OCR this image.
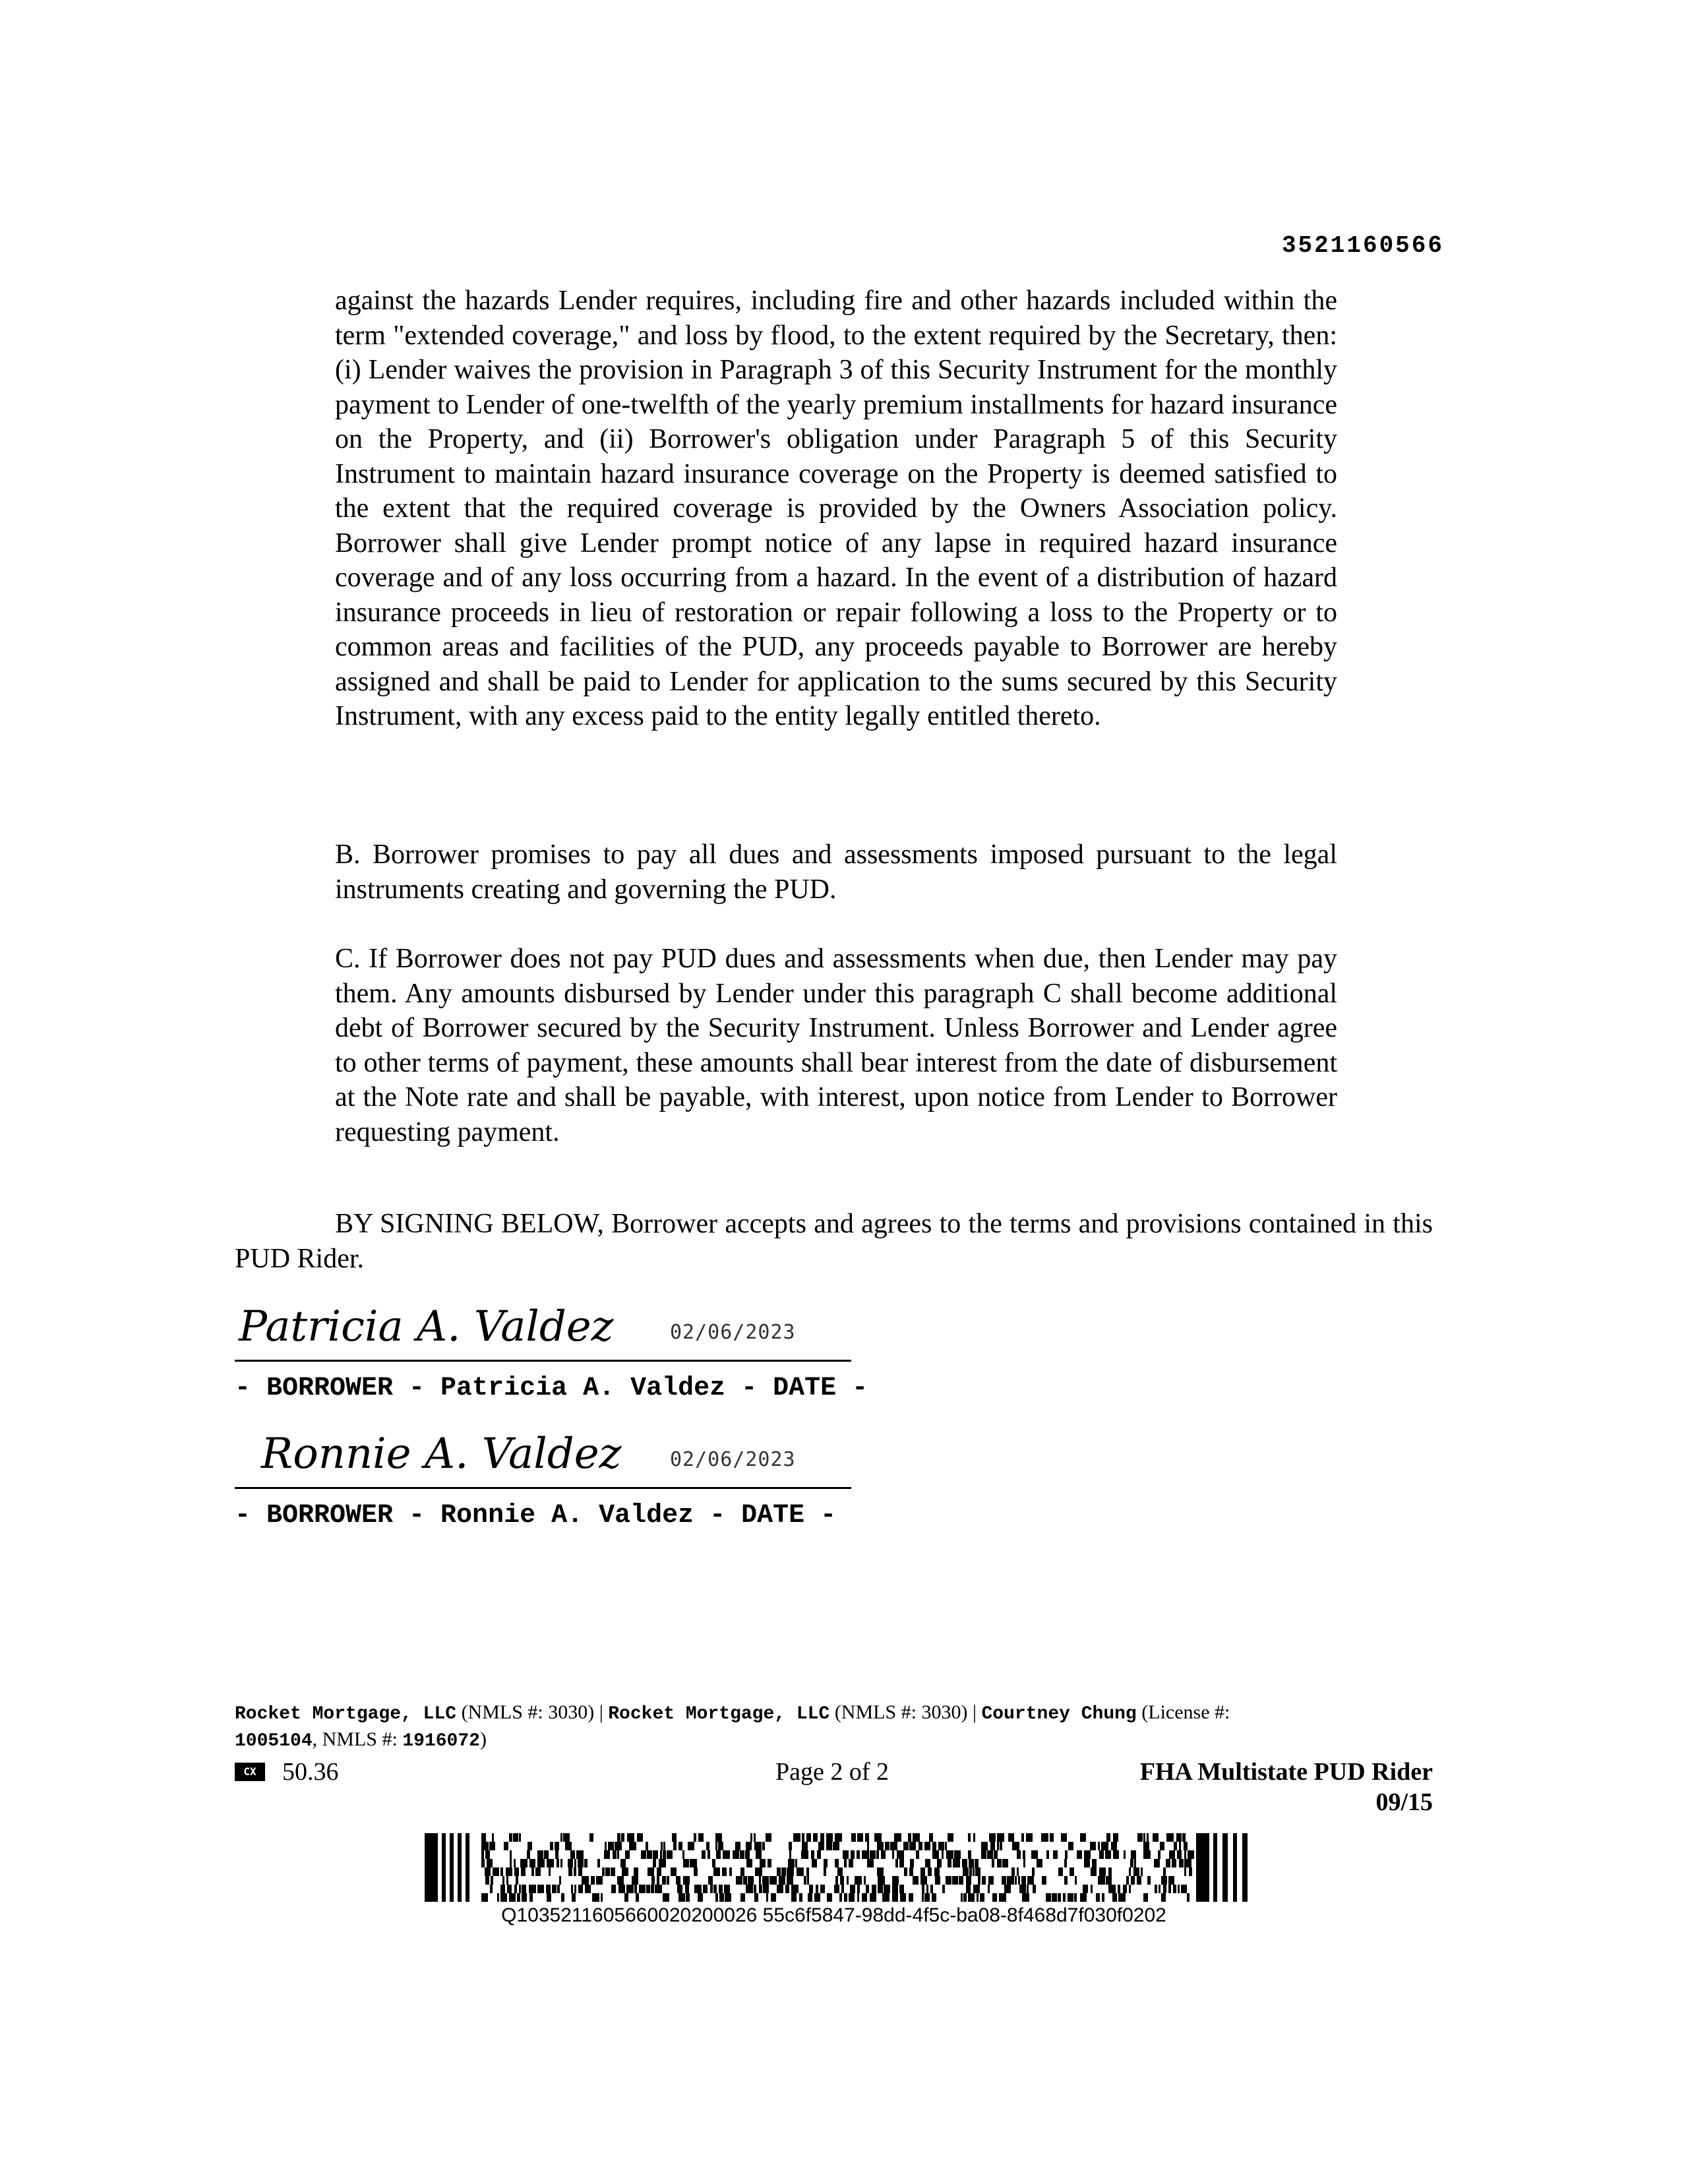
3521160566

against the hazards Lender requires, including fire and other hazards included within the term "extended coverage," and loss by flood, to the extent required by the Secretary, then: (i) Lender waives the provision in Paragraph 3 of this Security Instrument for the monthly payment to Lender of one-twelfth of the yearly premium installments for hazard insurance on the Property, and (ii) Borrower's obligation under Paragraph 5 of this Security Instrument to maintain hazard insurance coverage on the Property is deemed satisfied to the extent that the required coverage is provided by the Owners Association policy. Borrower shall give Lender prompt notice of any lapse in required hazard insurance coverage and of any loss occurring from a hazard. In the event of a distribution of hazard insurance proceeds in lieu of restoration or repair following a loss to the Property or to common areas and facilities of the PUD, any proceeds payable to Borrower are hereby assigned and shall be paid to Lender for application to the sums secured by this Security Instrument, with any excess paid to the entity legally entitled thereto.

B. Borrower promises to pay all dues and assessments imposed pursuant to the legal instruments creating and governing the PUD.

C. If Borrower does not pay PUD dues and assessments when due, then Lender may pay them. Any amounts disbursed by Lender under this paragraph C shall become additional debt of Borrower secured by the Security Instrument. Unless Borrower and Lender agree to other terms of payment, these amounts shall bear interest from the date of disbursement at the Note rate and shall be payable, with interest, upon notice from Lender to Borrower requesting payment.

BY SIGNING BELOW, Borrower accepts and agrees to the terms and provisions contained in this PUD Rider.

Patricia A. Valdez	02/06/2023
- BORROWER - Patricia A. Valdez - DATE -
Ronnie A. Valdez 02/06/2023
- BORROWER - Ronnie A. Valdez - DATE -
Rocket Mortgage, LLC (NMLS #: 3030) | Rocket Mortgage, LLC (NMLS #: 3030) | Courtney Chung (License #:
1005104, NMLS #: 1916072)
CX	50.36	Page 2 of 2	FHA Multistate PUD Rider
09/15
Q1035211605660020200026 55c6f5847-98dd-4f5c-ba08-8f468d7f030f0202
